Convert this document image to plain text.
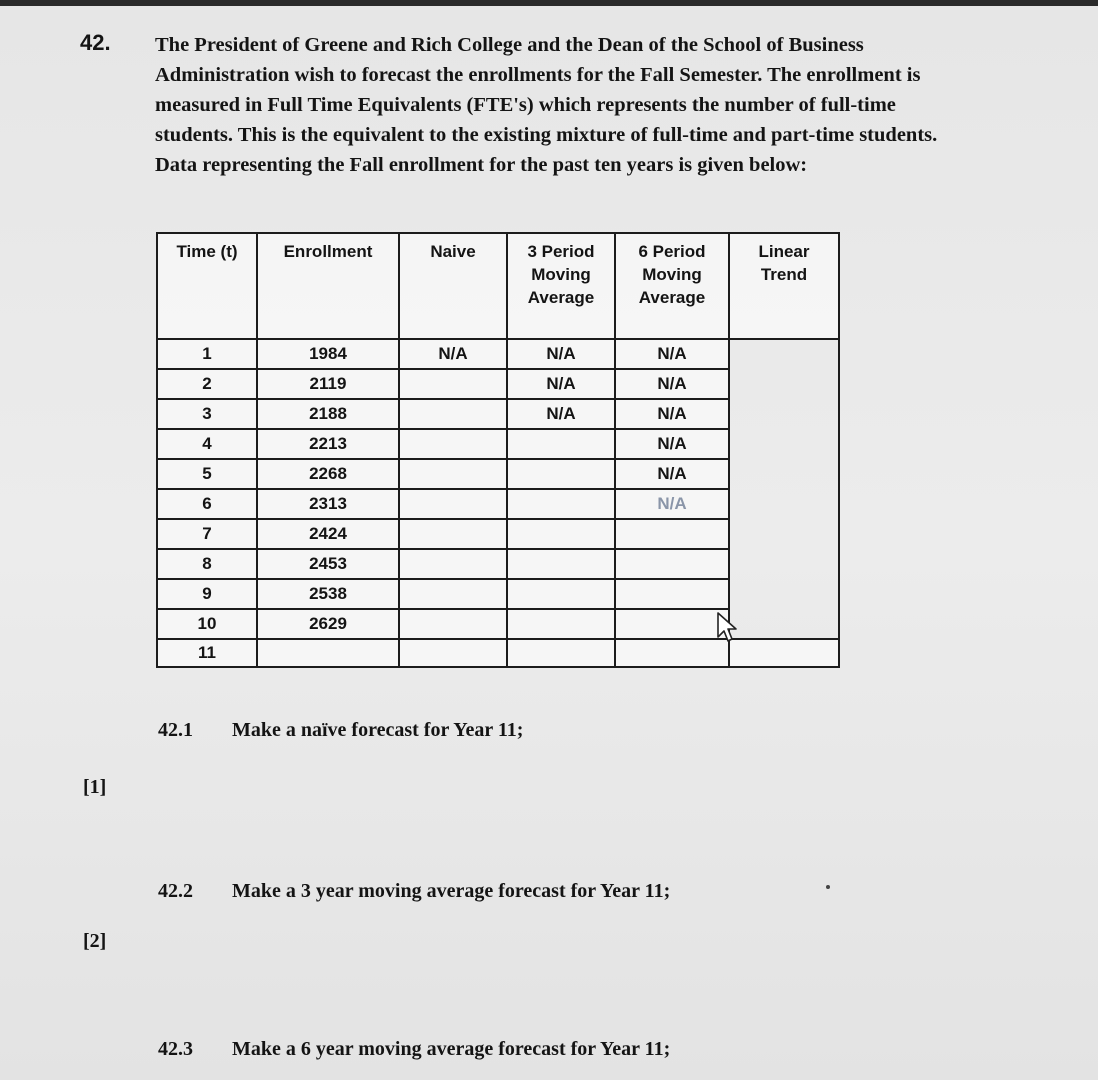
42. The President of Greene and Rich College and the Dean of the School of Business
Administration wish to forecast the enrollments for the Fall Semester. The enrollment is
measured in Full Time Equivalents (FTE's) which represents the number of full-time
students. This is the equivalent to the existing mixture of full-time and part-time students.
Data representing the Fall enrollment for the past ten years is given below:
Time (t)	Enrollment	Naive	3 Period
Moving
Average	6 Period
Moving
Average	Linear
Trend
1	1984	N/A	N/A	N/A	
2	2119		N/A	N/A	
3	2188		N/A	N/A	
4	2213			N/A	
5	2268			N/A	
6	2313			N/A	
7	2424				
8	2453				
9	2538				
10	2629				
11					
42.1 Make a naïve forecast for Year 11;
[1]
42.2 Make a 3 year moving average forecast for Year 11;
[2]
42.3 Make a 6 year moving average forecast for Year 11;
